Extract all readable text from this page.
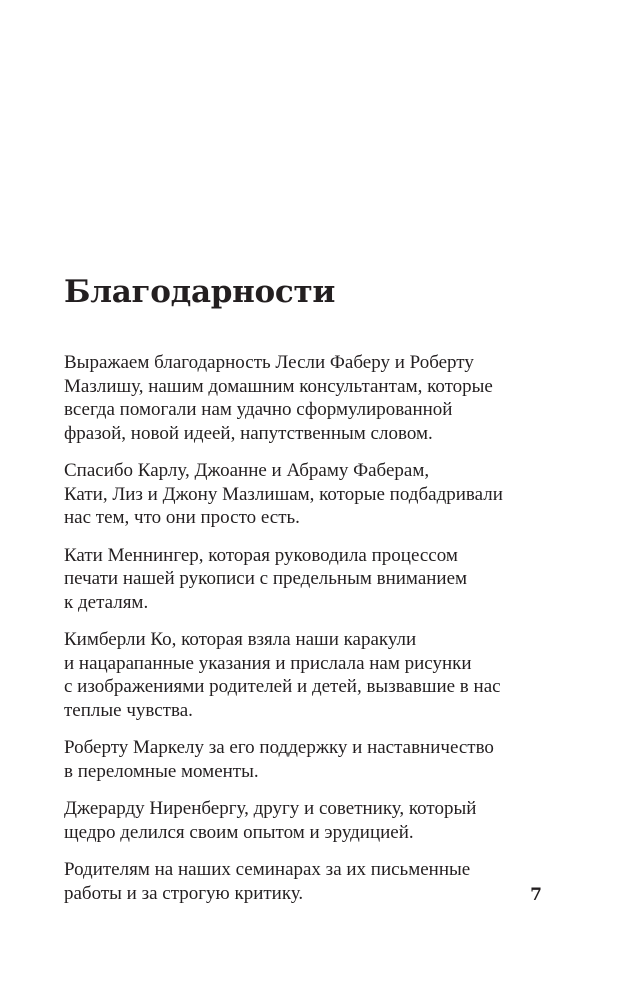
Благодарности

Выражаем благодарность Лесли Фаберу и Роберту
Мазлишу, нашим домашним консультантам, которые
всегда помогали нам удачно сформулированной
фразой, новой идеей, напутственным словом.

Спасибо Карлу, Джоанне и Абраму Фаберам,
Кати, Лиз и Джону Мазлишам, которые подбадривали
нас тем, что они просто есть.

Кати Меннингер, которая руководила процессом
печати нашей рукописи с предельным вниманием
к деталям.

Кимберли Ко, которая взяла наши каракули
и нацарапанные указания и прислала нам рисунки
с изображениями родителей и детей, вызвавшие в нас
теплые чувства.

Роберту Маркелу за его поддержку и наставничество
в переломные моменты.

Джерарду Ниренбергу, другу и советнику, который
щедро делился своим опытом и эрудицией.

Родителям на наших семинарах за их письменные
работы и за строгую критику.	7
